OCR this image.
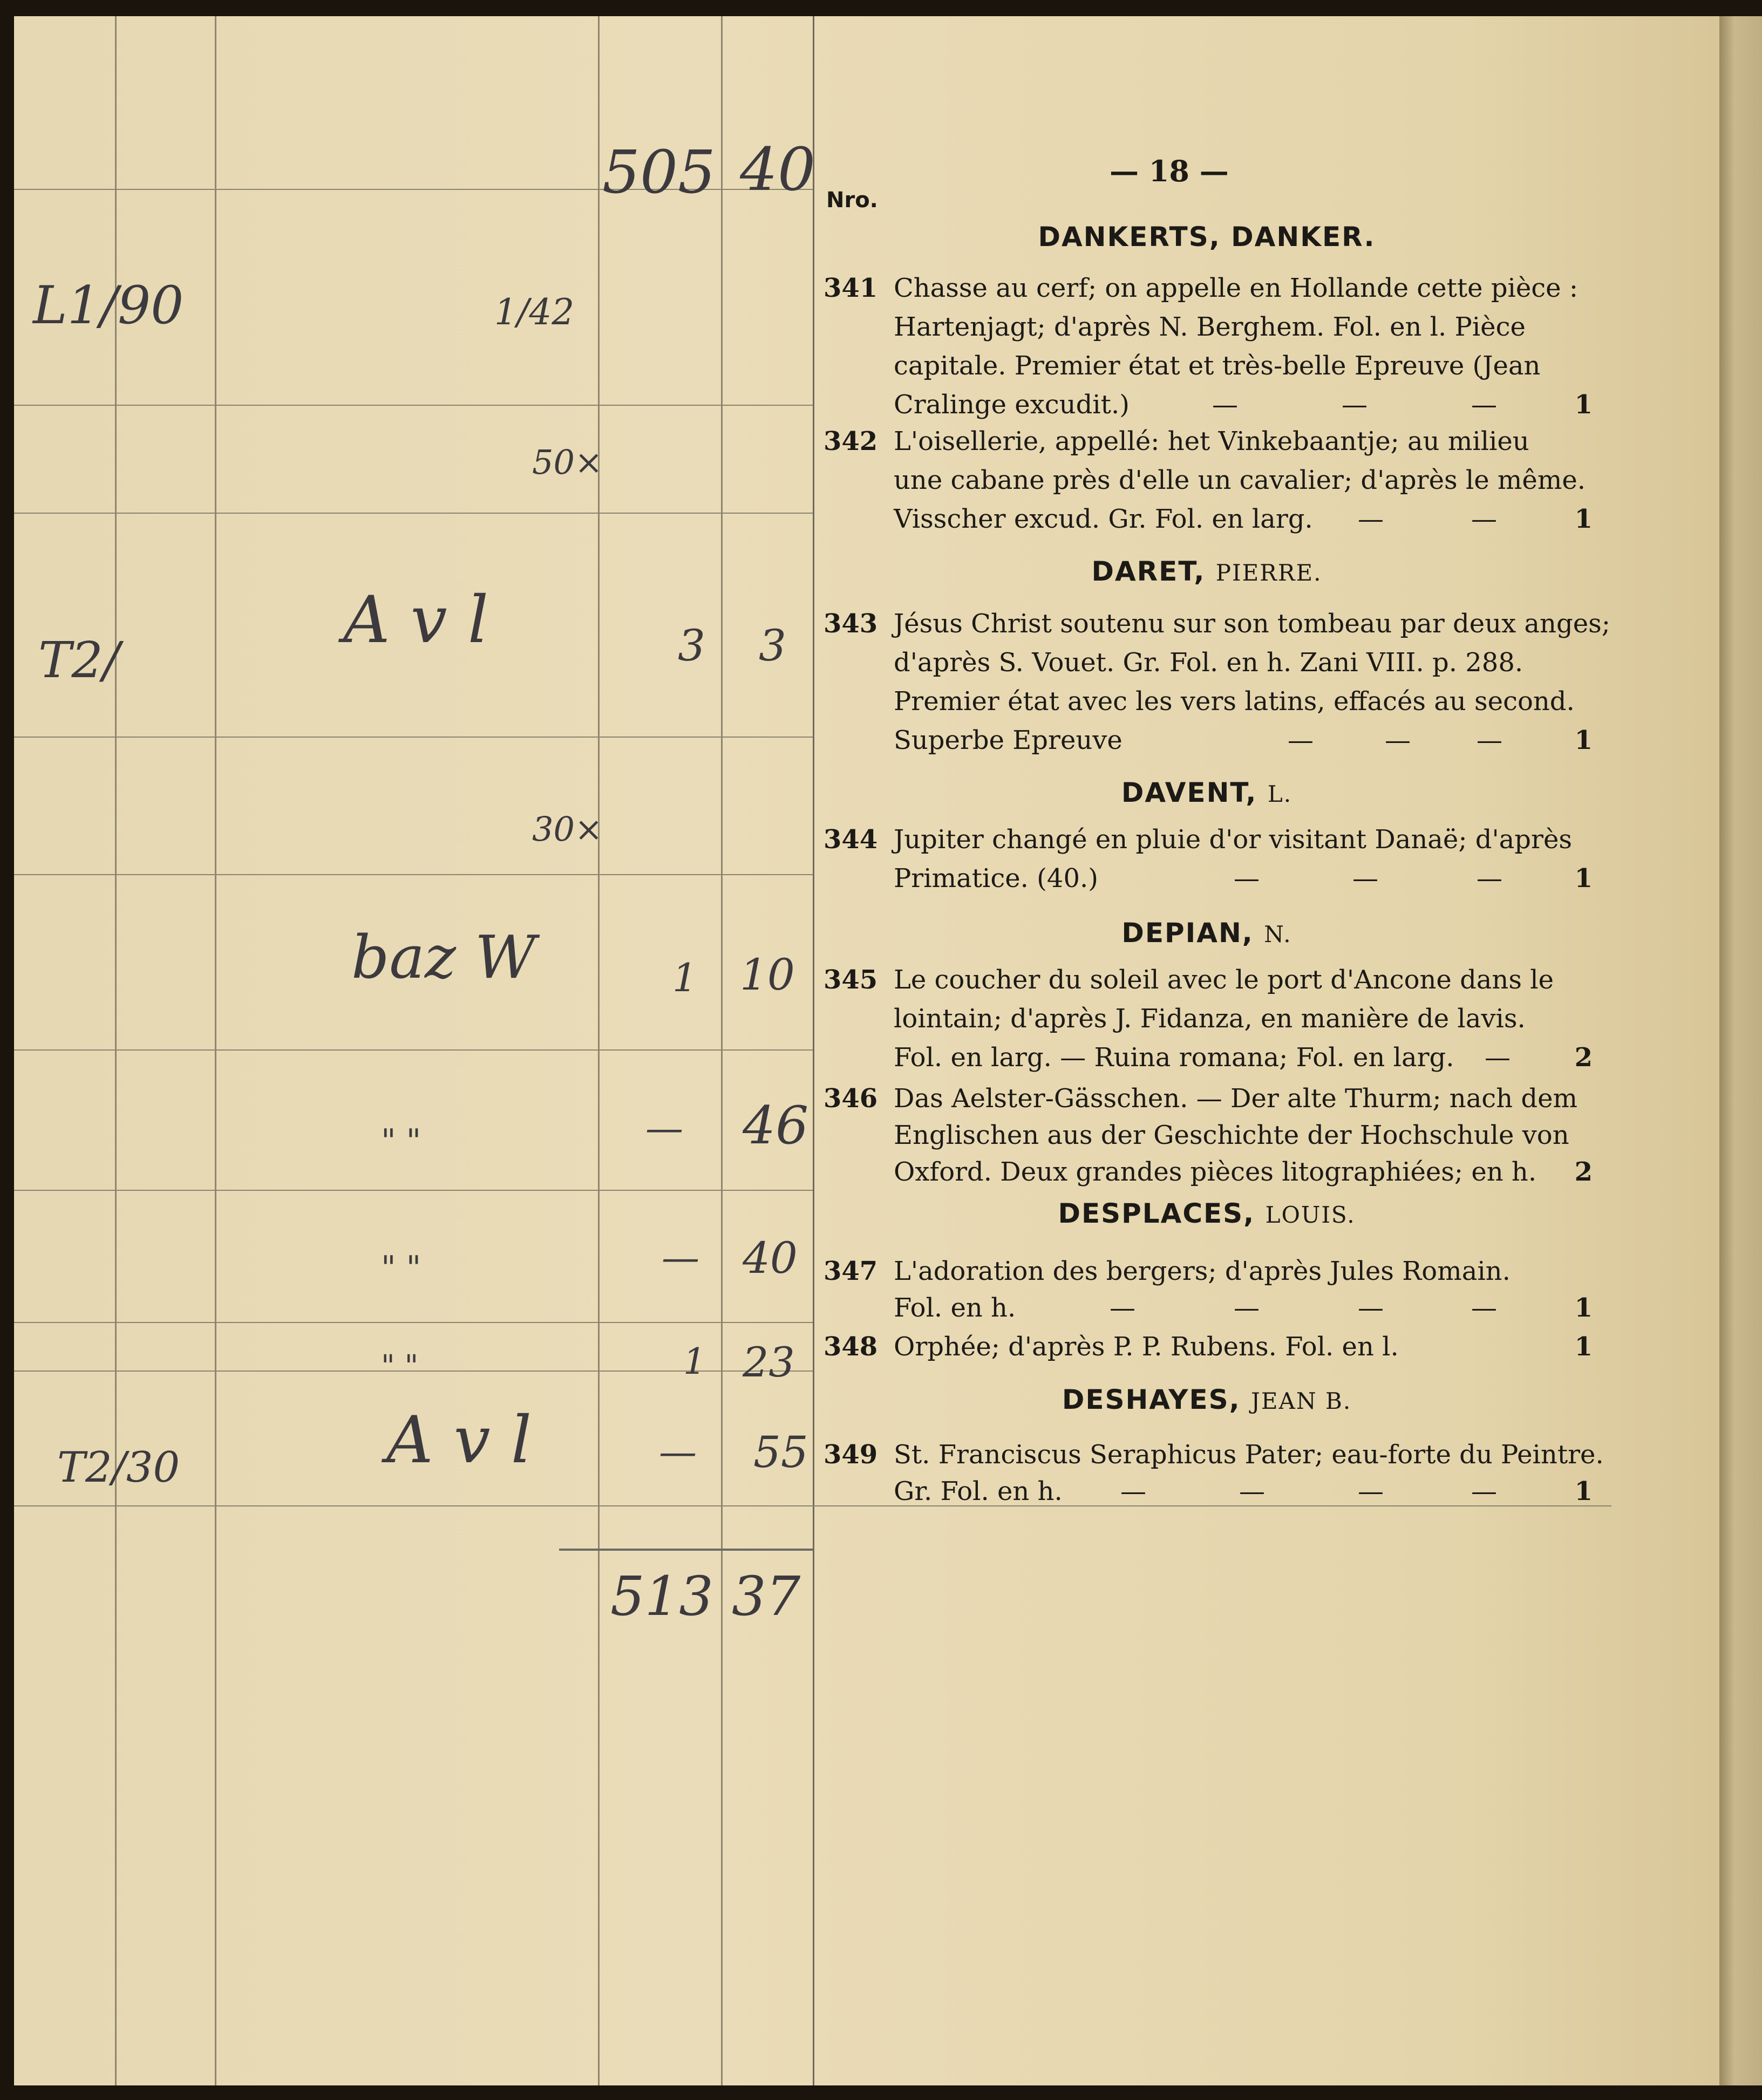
505 40
L1/90	1/42
50×
T2/
A v l	3 3
30×
baz W	1 10
" "	— 46
" "	— 40
" "	1 23
T2/30	A v l	— 55
513 37
— 18 —
Nro.
DANKERTS, DANKER.
341 Chasse au cerf; on appelle en Hollande cette pièce :
Hartenjagt; d'après N. Berghem. Fol. en l. Pièce
capitale. Premier état et très-belle Epreuve (Jean
Cralinge excudit.)	—	—	—	1
342 L'oisellerie, appellé: het Vinkebaantje; au milieu
une cabane près d'elle un cavalier; d'après le même.
Visscher excud. Gr. Fol. en larg. —	—	1
DARET, PIERRE.
343 Jésus Christ soutenu sur son tombeau par deux anges;
d'après S. Vouet. Gr. Fol. en h. Zani VIII. p. 288.
Premier état avec les vers latins, effacés au second.
Superbe Epreuve	—	—	—	1
DAVENT, L.
344 Jupiter changé en pluie d'or visitant Danaë; d'après
Primatice. (40.)	—	—	—	1
DEPIAN, N.
345 Le coucher du soleil avec le port d'Ancone dans le
lointain; d'après J. Fidanza, en manière de lavis.
Fol. en larg. — Ruina romana; Fol. en larg. — 2
346 Das Aelster-Gässchen. — Der alte Thurm; nach dem
Englischen aus der Geschichte der Hochschule von
Oxford. Deux grandes pièces litographiées; en h. 2
DESPLACES, LOUIS.
347 L'adoration des bergers; d'après Jules Romain.
Fol. en h.	—	—	—	—	1
348 Orphée; d'après P. P. Rubens. Fol. en l.	1
DESHAYES, JEAN B.
349 St. Franciscus Seraphicus Pater; eau-forte du Peintre.
Gr. Fol. en h. —	—	—	—	1
